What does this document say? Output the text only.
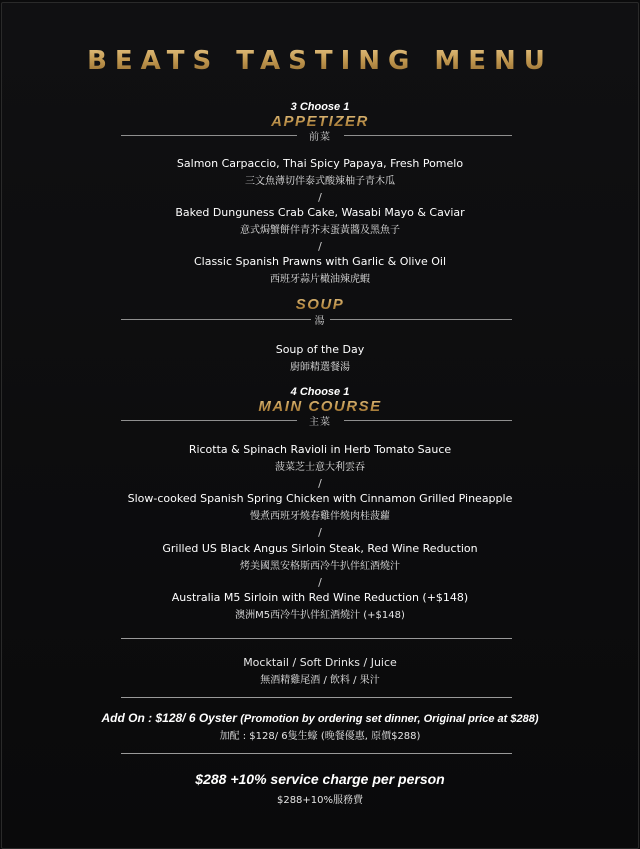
BEATS TASTING MENU
3 Choose 1
APPETIZER
前菜
Salmon Carpaccio, Thai Spicy Papaya, Fresh Pomelo
三文魚薄切伴泰式酸辣柚子青木瓜
/
Baked Dunguness Crab Cake, Wasabi Mayo & Caviar
意式焗蟹餅伴青芥末蛋黃醬及黑魚子
/
Classic Spanish Prawns with Garlic & Olive Oil
西班牙蒜片橄油辣虎蝦
SOUP
湯
Soup of the Day
廚師精選餐湯
4 Choose 1
MAIN COURSE
主菜
Ricotta & Spinach Ravioli in Herb Tomato Sauce
菠菜芝士意大利雲吞
/
Slow-cooked Spanish Spring Chicken with Cinnamon Grilled Pineapple
慢煮西班牙燒春雞伴燒肉桂菠蘿
/
Grilled US Black Angus Sirloin Steak, Red Wine Reduction
烤美國黑安格斯西冷牛扒伴紅酒燒汁
/
Australia M5 Sirloin with Red Wine Reduction (+$148)
澳洲M5西冷牛扒伴紅酒燒汁 (+$148)
Mocktail / Soft Drinks / Juice
無酒精雞尾酒 / 飲料 / 果汁
Add On : $128/ 6 Oyster (Promotion by ordering set dinner, Original price at $288)
加配 : $128/ 6隻生蠔 (晚餐優惠, 原價$288)
$288 +10% service charge per person
$288+10%服務費
